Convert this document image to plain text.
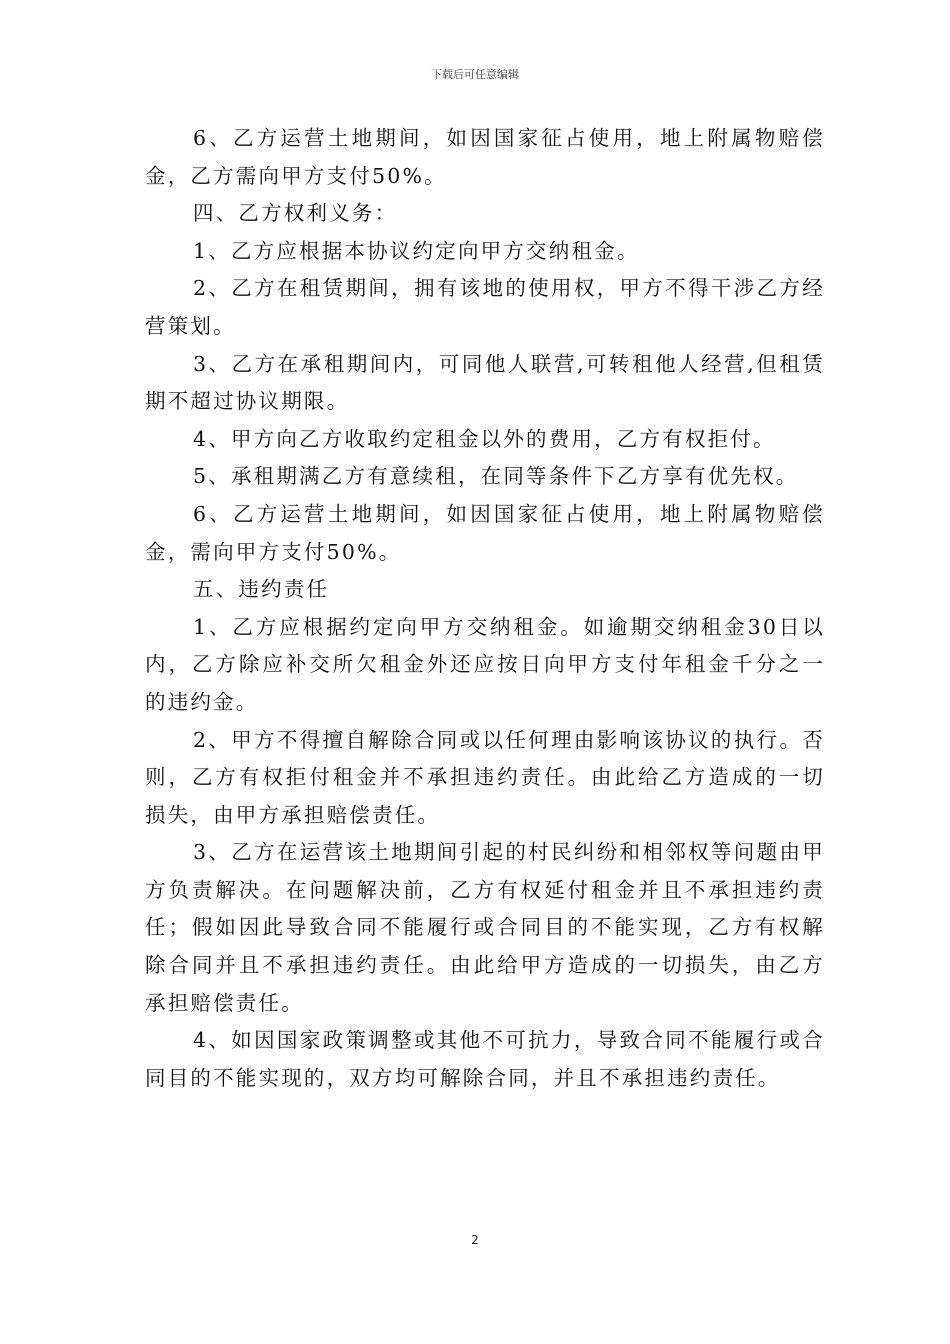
下载后可任意编辑

6、乙方运营土地期间，如因国家征占使用，地上附属物赔偿金，乙方需向甲方支付50%。

四、乙方权利义务：

1、乙方应根据本协议约定向甲方交纳租金。

2、乙方在租赁期间，拥有该地的使用权，甲方不得干涉乙方经营策划。

3、乙方在承租期间内，可同他人联营,可转租他人经营,但租赁期不超过协议期限。

4、甲方向乙方收取约定租金以外的费用，乙方有权拒付。

5、承租期满乙方有意续租，在同等条件下乙方享有优先权。

6、乙方运营土地期间，如因国家征占使用，地上附属物赔偿金，需向甲方支付50%。

五、违约责任

1、乙方应根据约定向甲方交纳租金。如逾期交纳租金30日以内，乙方除应补交所欠租金外还应按日向甲方支付年租金千分之一的违约金。

2、甲方不得擅自解除合同或以任何理由影响该协议的执行。否则，乙方有权拒付租金并不承担违约责任。由此给乙方造成的一切损失，由甲方承担赔偿责任。

3、乙方在运营该土地期间引起的村民纠纷和相邻权等问题由甲方负责解决。在问题解决前，乙方有权延付租金并且不承担违约责任；假如因此导致合同不能履行或合同目的不能实现，乙方有权解除合同并且不承担违约责任。由此给甲方造成的一切损失，由乙方承担赔偿责任。

4、如因国家政策调整或其他不可抗力，导致合同不能履行或合同目的不能实现的，双方均可解除合同，并且不承担违约责任。

2
